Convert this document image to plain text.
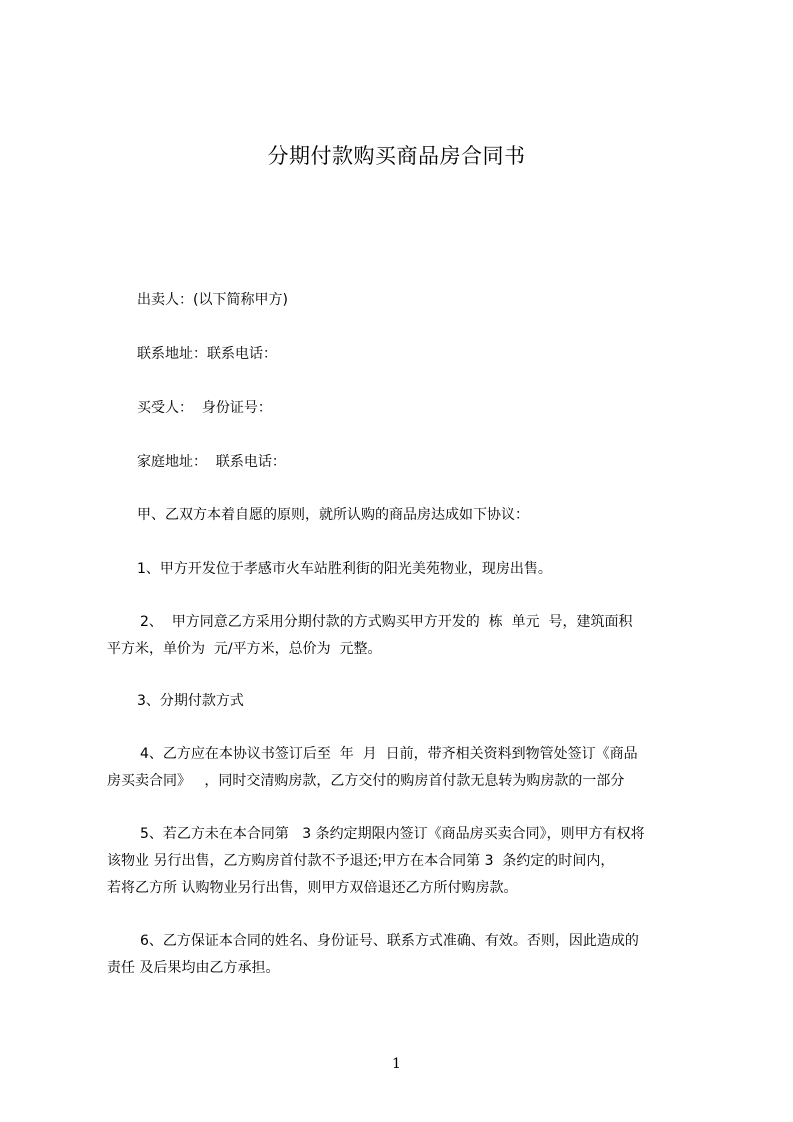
分期付款购买商品房合同书
出卖人：(以下简称甲方)
联系地址：联系电话：
买受人：  身份证号：
家庭地址：  联系电话：
甲、乙双方本着自愿的原则，就所认购的商品房达成如下协议：
1、甲方开发位于孝感市火车站胜利街的阳光美苑物业，现房出售。
2、  甲方同意乙方采用分期付款的方式购买甲方开发的  栋  单元  号，建筑面积
平方米，单价为  元/平方米，总价为  元整。
3、分期付款方式
4、乙方应在本协议书签订后至  年  月  日前，带齐相关资料到物管处签订《商品
房买卖合同》   ，同时交清购房款，乙方交付的购房首付款无息转为购房款的一部分
5、若乙方未在本合同第   3 条约定期限内签订《商品房买卖合同》，则甲方有权将
该物业 另行出售，乙方购房首付款不予退还;甲方在本合同第 3  条约定的时间内，
若将乙方所 认购物业另行出售，则甲方双倍退还乙方所付购房款。
6、乙方保证本合同的姓名、身份证号、联系方式准确、有效。否则，因此造成的
责任 及后果均由乙方承担。
1
